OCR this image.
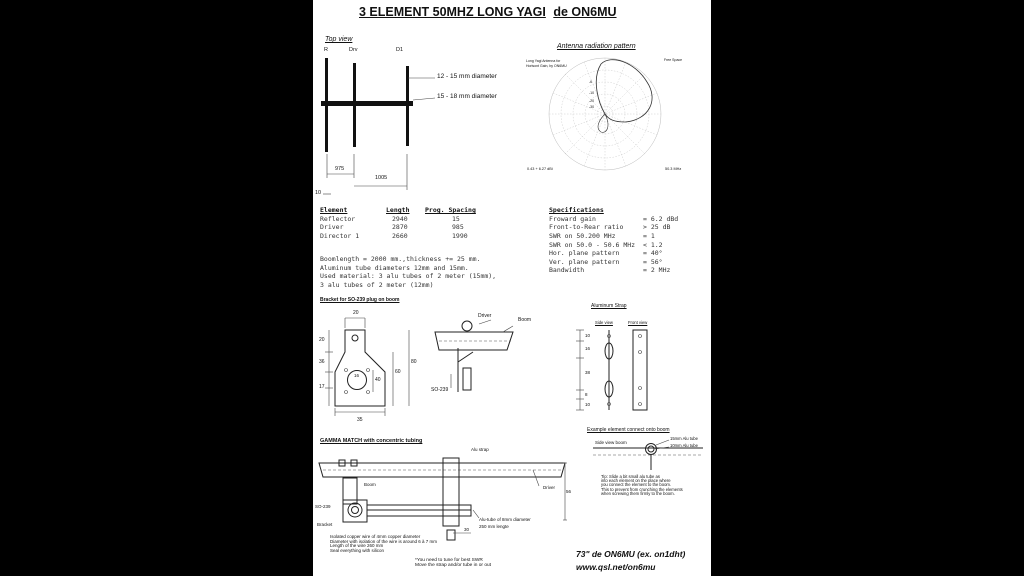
3 ELEMENT 50MHZ LONG YAGI de ON6MU
Top view
R	Drv	D1
12 - 15 mm diameter
15 - 18 mm diameter
975
1005
10
Antenna radiation pattern
Long Yagi Antenna for
Horisont Gain, by ON6MU
Free Space
-6
-10
-20
-30
0.43 + 6.27 dBi	50.3 MHz
Element	Length	Prog. Spacing
Reflector	2940	15
Driver	2870	985
Director 1	2660	1990
Boomlength = 2000 mm.,thickness += 25 mm.
Aluminum tube diameters 12mm and 15mm.
Used material: 3 alu tubes of 2 meter (15mm),
3 alu tubes of 2 meter (12mm)
Specifications
Froward gain	= 6.2 dBd
Front-to-Rear ratio	> 25 dB
SWR on 50.200 MHz	= 1
SWR on 50.0 - 50.6 MHz	< 1.2
Hor. plane pattern	= 40°
Ver. plane pattern	= 56°
Bandwidth	= 2 MHz
Bracket for SO-239 plug on boom
20
20
36
17
16
40
60
80
35
Driver
Boom
SO-239
Aluminum Strap
Side view	Front view
10
16
38
8
10
Example element connect onto boom
Side view boom
15mm Alu tube
10mm Alu tube
Tip: Slide a bit small alu tube as
into each element on the place where
you connect the element to the boom.
This to prevent from crunching the elements
when screwing them firmly to the boom.
GAMMA MATCH with concentric tubing
Alu strap
Boom
Driver
56
SO-239
Bracket
Alu-tube of 8mm diameter
250 mm lengte
30
Isolated copper wire of 4mm copper diameter
Diameter with isolation of the wire is around 6 à 7 mm
Length of the wire 260 mm
Seal everything with silicon
*You need to tune for best SWR
Move the strap and/or tube in or out
73" de ON6MU (ex. on1dht)
www.qsl.net/on6mu
